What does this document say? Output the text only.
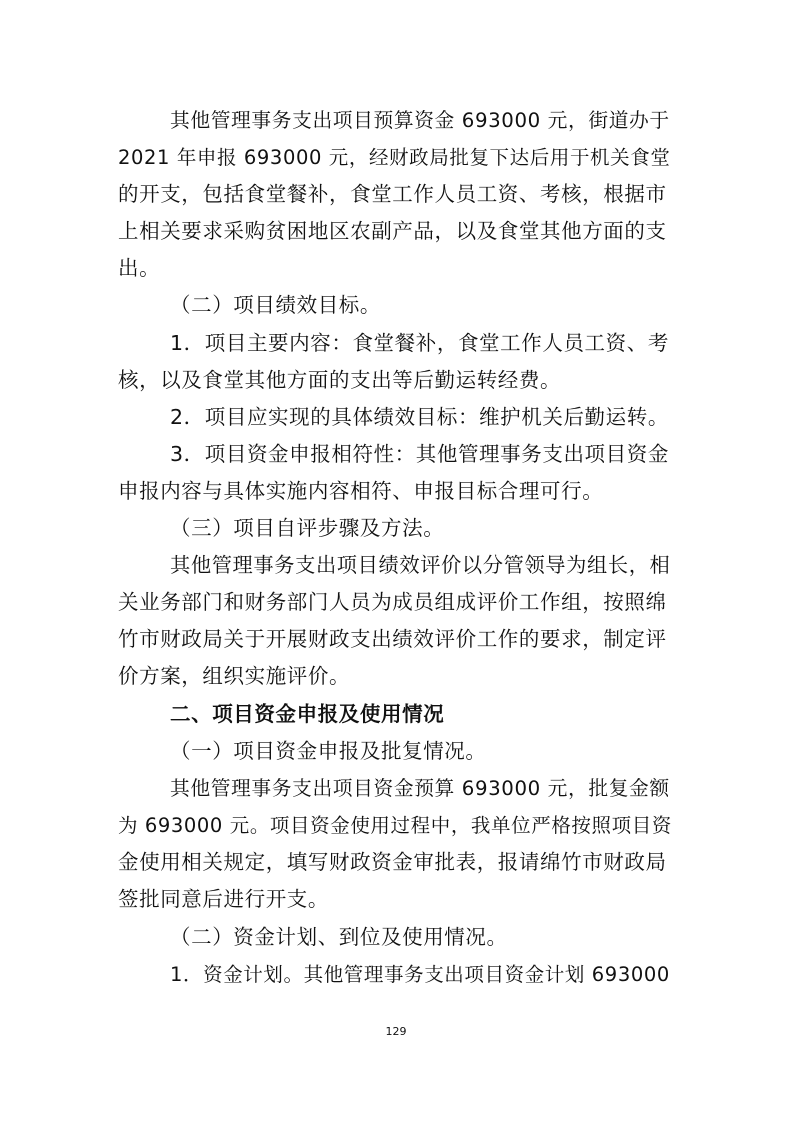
其他管理事务支出项目预算资金 693000 元，街道办于
2021 年申报 693000 元，经财政局批复下达后用于机关食堂
的开支，包括食堂餐补，食堂工作人员工资、考核，根据市
上相关要求采购贫困地区农副产品，以及食堂其他方面的支
出。
（二）项目绩效目标。
1．项目主要内容：食堂餐补，食堂工作人员工资、考
核，以及食堂其他方面的支出等后勤运转经费。
2．项目应实现的具体绩效目标：维护机关后勤运转。
3．项目资金申报相符性：其他管理事务支出项目资金
申报内容与具体实施内容相符、申报目标合理可行。
（三）项目自评步骤及方法。
其他管理事务支出项目绩效评价以分管领导为组长，相
关业务部门和财务部门人员为成员组成评价工作组，按照绵
竹市财政局关于开展财政支出绩效评价工作的要求，制定评
价方案，组织实施评价。
二、项目资金申报及使用情况
（一）项目资金申报及批复情况。
其他管理事务支出项目资金预算 693000 元，批复金额
为 693000 元。项目资金使用过程中，我单位严格按照项目资
金使用相关规定，填写财政资金审批表，报请绵竹市财政局
签批同意后进行开支。
（二）资金计划、到位及使用情况。
1．资金计划。其他管理事务支出项目资金计划 693000
129
